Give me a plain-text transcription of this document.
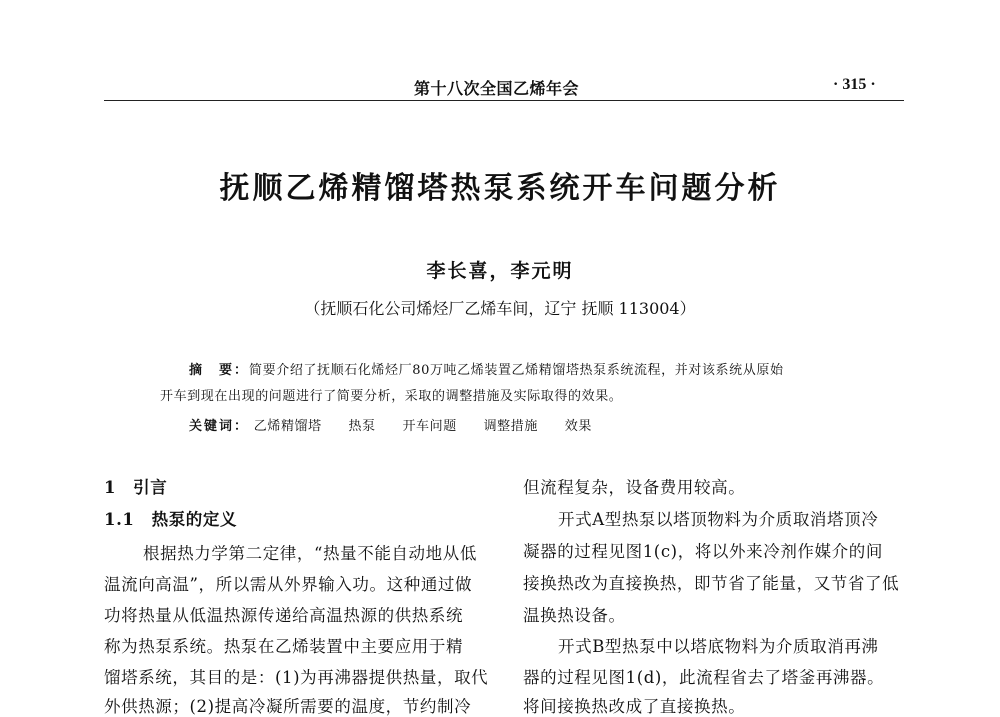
第十八次全国乙烯年会	· 315 ·
抚顺乙烯精馏塔热泵系统开车问题分析
李长喜，李元明
（抚顺石化公司烯烃厂乙烯车间，辽宁 抚顺 113004）
摘　要：简要介绍了抚顺石化烯烃厂80万吨乙烯装置乙烯精馏塔热泵系统流程，并对该系统从原始
开车到现在出现的问题进行了简要分析，采取的调整措施及实际取得的效果。
关键词： 乙烯精馏塔 热泵 开车问题 调整措施 效果
1　引言
1.1　热泵的定义
根据热力学第二定律，“热量不能自动地从低
温流向高温”，所以需从外界输入功。这种通过做
功将热量从低温热源传递给高温热源的供热系统
称为热泵系统。热泵在乙烯装置中主要应用于精
馏塔系统，其目的是：(1)为再沸器提供热量，取代
外供热源；(2)提高冷凝所需要的温度，节约制冷
但流程复杂，设备费用较高。
开式A型热泵以塔顶物料为介质取消塔顶冷
凝器的过程见图1(c)，将以外来冷剂作媒介的间
接换热改为直接换热，即节省了能量，又节省了低
温换热设备。
开式B型热泵中以塔底物料为介质取消再沸
器的过程见图1(d)，此流程省去了塔釜再沸器。
将间接换热改成了直接换热。
